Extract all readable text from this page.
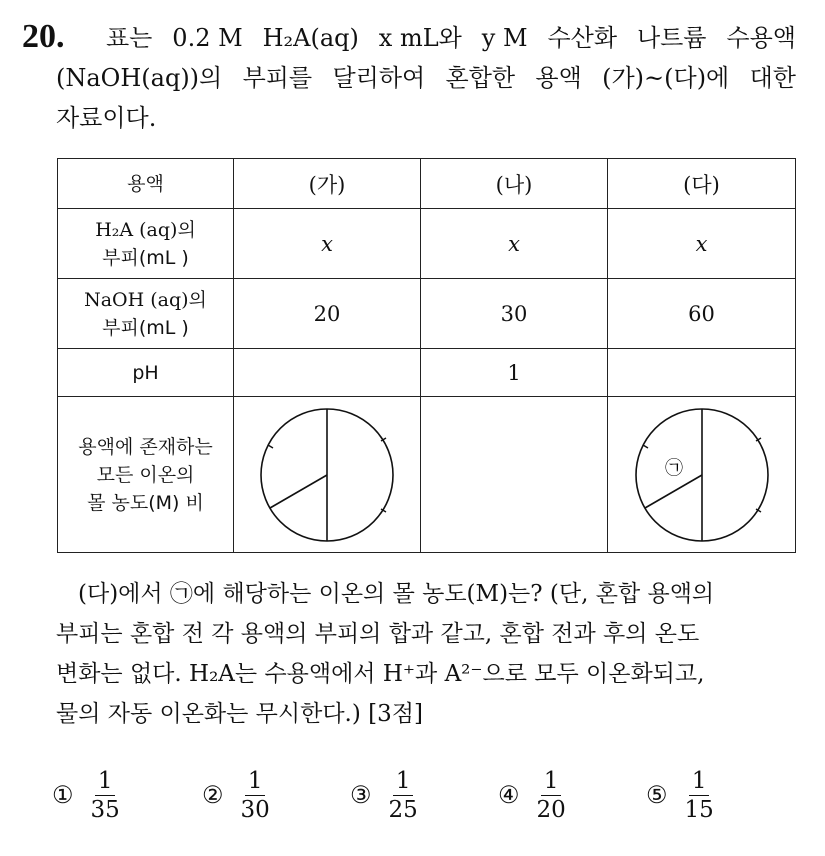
20. 표는 0.2 M H₂A(aq) x mL와 y M 수산화 나트륨 수용액
(NaOH(aq))의 부피를 달리하여 혼합한 용액 (가)~(다)에 대한
자료이다.
용액	(가)	(나)	(다)

H₂A (aq)의
부피(mL )	x	x	x

NaOH (aq)의
부피(mL )	20	30	60
pH		1	

용액에 존재하는
모든 이온의
몰 농도(M) 비			㉠
(다)에서 ㉠에 해당하는 이온의 몰 농도(M)는? (단, 혼합 용액의
부피는 혼합 전 각 용액의 부피의 합과 같고, 혼합 전과 후의 온도
변화는 없다. H₂A는 수용액에서 H⁺과 A²⁻으로 모두 이온화되고,
물의 자동 이온화는 무시한다.) [3점]
① $\frac{1}{35}$	② $\frac{1}{30}$	③ $\frac{1}{25}$	④ $\frac{1}{20}$	⑤ $\frac{1}{15}$
